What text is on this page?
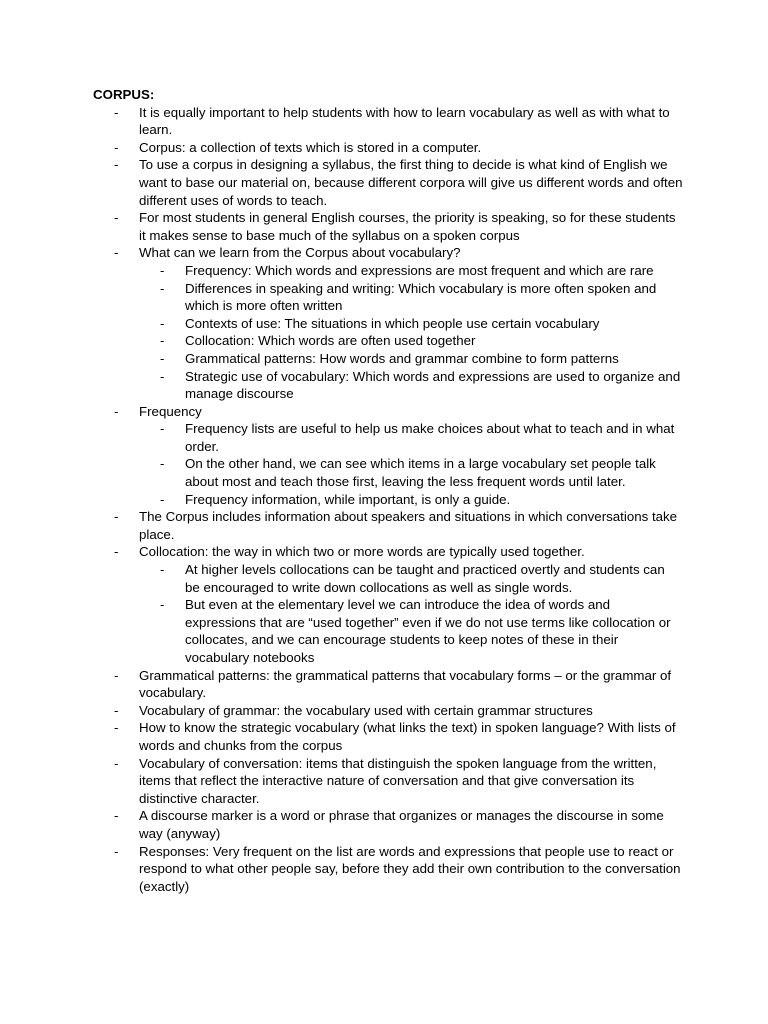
CORPUS:
- It is equally important to help students with how to learn vocabulary as well as with what to learn.
- Corpus: a collection of texts which is stored in a computer.
- To use a corpus in designing a syllabus, the first thing to decide is what kind of English we want to base our material on, because different corpora will give us different words and often different uses of words to teach.
- For most students in general English courses, the priority is speaking, so for these students it makes sense to base much of the syllabus on a spoken corpus
- What can we learn from the Corpus about vocabulary?
- Frequency: Which words and expressions are most frequent and which are rare
- Differences in speaking and writing: Which vocabulary is more often spoken and which is more often written
- Contexts of use: The situations in which people use certain vocabulary
- Collocation: Which words are often used together
- Grammatical patterns: How words and grammar combine to form patterns
- Strategic use of vocabulary: Which words and expressions are used to organize and manage discourse
- Frequency
- Frequency lists are useful to help us make choices about what to teach and in what order.
- On the other hand, we can see which items in a large vocabulary set people talk about most and teach those first, leaving the less frequent words until later.
- Frequency information, while important, is only a guide.
- The Corpus includes information about speakers and situations in which conversations take place.
- Collocation: the way in which two or more words are typically used together.
- At higher levels collocations can be taught and practiced overtly and students can be encouraged to write down collocations as well as single words.
- But even at the elementary level we can introduce the idea of words and expressions that are “used together” even if we do not use terms like collocation or collocates, and we can encourage students to keep notes of these in their vocabulary notebooks
- Grammatical patterns: the grammatical patterns that vocabulary forms – or the grammar of vocabulary.
- Vocabulary of grammar: the vocabulary used with certain grammar structures
- How to know the strategic vocabulary (what links the text) in spoken language? With lists of words and chunks from the corpus
- Vocabulary of conversation: items that distinguish the spoken language from the written, items that reflect the interactive nature of conversation and that give conversation its distinctive character.
- A discourse marker is a word or phrase that organizes or manages the discourse in some way (anyway)
- Responses: Very frequent on the list are words and expressions that people use to react or respond to what other people say, before they add their own contribution to the conversation (exactly)
